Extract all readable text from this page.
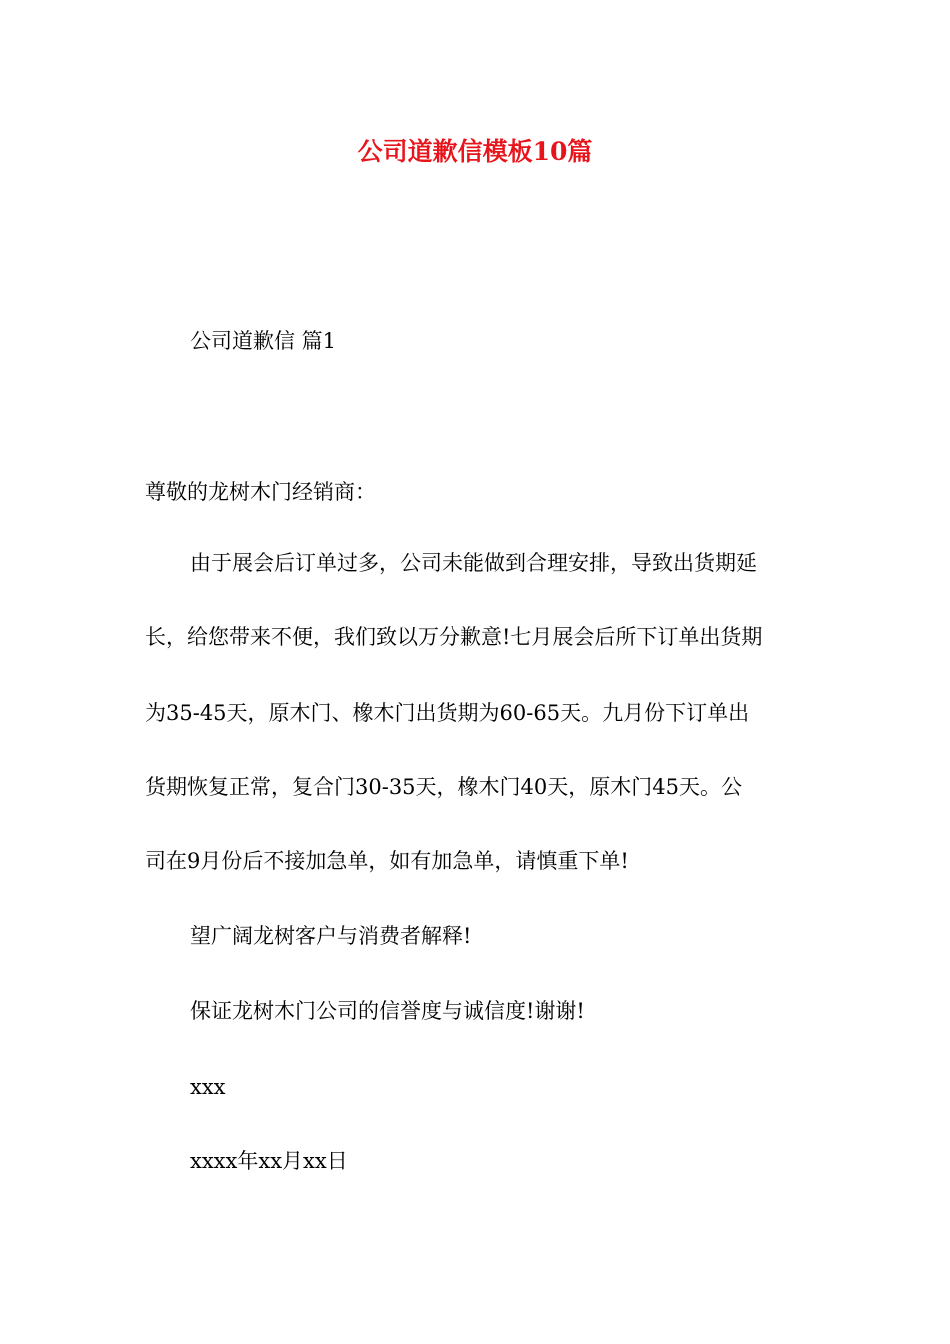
公司道歉信模板10篇
公司道歉信 篇1
尊敬的龙树木门经销商：
由于展会后订单过多，公司未能做到合理安排，导致出货期延
长，给您带来不便，我们致以万分歉意!七月展会后所下订单出货期
为35-45天，原木门、橡木门出货期为60-65天。九月份下订单出
货期恢复正常，复合门30-35天，橡木门40天，原木门45天。公
司在9月份后不接加急单，如有加急单，请慎重下单!
望广阔龙树客户与消费者解释!
保证龙树木门公司的信誉度与诚信度!谢谢!
xxx
xxxx年xx月xx日
